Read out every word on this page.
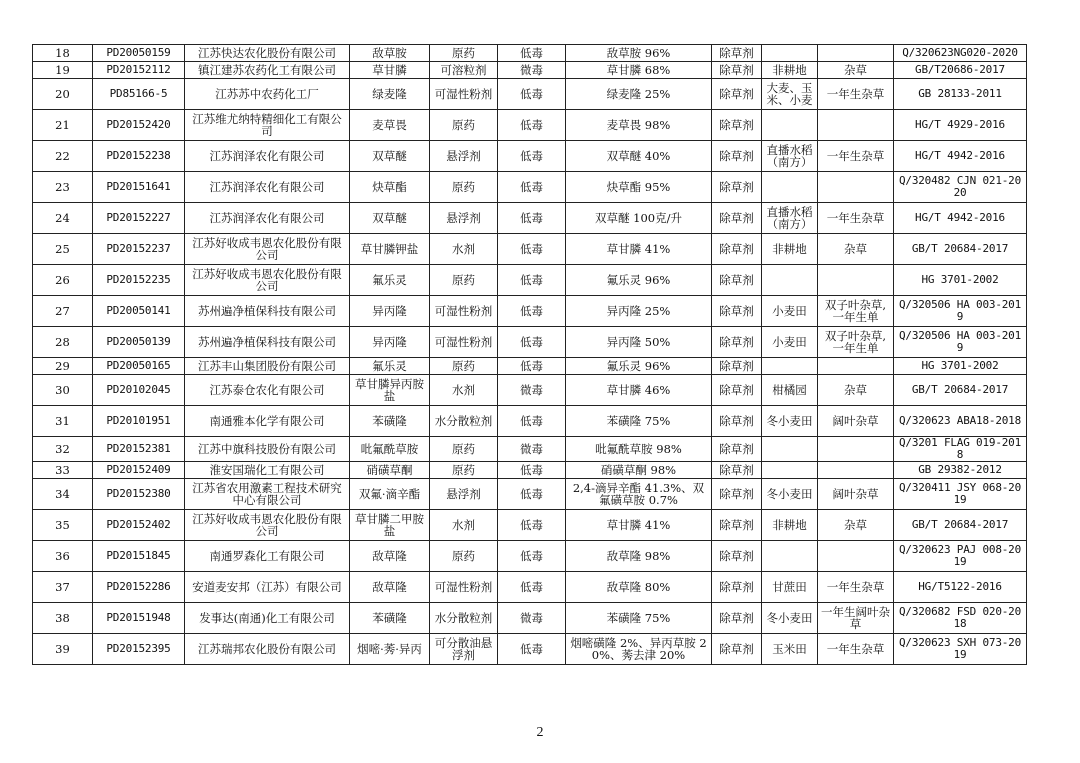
18	PD20050159	江苏快达农化股份有限公司	敌草胺	原药	低毒	敌草胺 96%	除草剂			Q/320623NG020-2020
19	PD20152112	镇江建苏农药化工有限公司	草甘膦	可溶粒剂	微毒	草甘膦 68%	除草剂	非耕地	杂草	GB/T20686-2017
20	PD85166-5	江苏苏中农药化工厂	绿麦隆	可湿性粉剂	低毒	绿麦隆 25%	除草剂	大麦、玉米、小麦	一年生杂草	GB 28133-2011
21	PD20152420	江苏维尤纳特精细化工有限公司	麦草畏	原药	低毒	麦草畏 98%	除草剂			HG/T 4929-2016
22	PD20152238	江苏润泽农化有限公司	双草醚	悬浮剂	低毒	双草醚 40%	除草剂	直播水稻（南方）	一年生杂草	HG/T 4942-2016
23	PD20151641	江苏润泽农化有限公司	炔草酯	原药	低毒	炔草酯 95%	除草剂			Q/320482 CJN 021-2020
24	PD20152227	江苏润泽农化有限公司	双草醚	悬浮剂	低毒	双草醚 100克/升	除草剂	直播水稻（南方）	一年生杂草	HG/T 4942-2016
25	PD20152237	江苏好收成韦恩农化股份有限公司	草甘膦钾盐	水剂	低毒	草甘膦 41%	除草剂	非耕地	杂草	GB/T 20684-2017
26	PD20152235	江苏好收成韦恩农化股份有限公司	氟乐灵	原药	低毒	氟乐灵 96%	除草剂			HG 3701-2002
27	PD20050141	苏州遍净植保科技有限公司	异丙隆	可湿性粉剂	低毒	异丙隆 25%	除草剂	小麦田	双子叶杂草,一年生单	Q/320506 HA 003-2019
28	PD20050139	苏州遍净植保科技有限公司	异丙隆	可湿性粉剂	低毒	异丙隆 50%	除草剂	小麦田	双子叶杂草,一年生单	Q/320506 HA 003-2019
29	PD20050165	江苏丰山集团股份有限公司	氟乐灵	原药	低毒	氟乐灵 96%	除草剂			HG 3701-2002
30	PD20102045	江苏泰仓农化有限公司	草甘膦异丙胺盐	水剂	微毒	草甘膦 46%	除草剂	柑橘园	杂草	GB/T 20684-2017
31	PD20101951	南通雅本化学有限公司	苯磺隆	水分散粒剂	低毒	苯磺隆 75%	除草剂	冬小麦田	阔叶杂草	Q/320623 ABA18-2018
32	PD20152381	江苏中旗科技股份有限公司	吡氟酰草胺	原药	微毒	吡氟酰草胺 98%	除草剂			Q/3201 FLAG 019-2018
33	PD20152409	淮安国瑞化工有限公司	硝磺草酮	原药	低毒	硝磺草酮 98%	除草剂			GB 29382-2012
34	PD20152380	江苏省农用激素工程技术研究中心有限公司	双氟·滴辛酯	悬浮剂	低毒	2,4-滴异辛酯 41.3%、双氟磺草胺 0.7%	除草剂	冬小麦田	阔叶杂草	Q/320411 JSY 068-2019
35	PD20152402	江苏好收成韦恩农化股份有限公司	草甘膦二甲胺盐	水剂	低毒	草甘膦 41%	除草剂	非耕地	杂草	GB/T 20684-2017
36	PD20151845	南通罗森化工有限公司	敌草隆	原药	低毒	敌草隆 98%	除草剂			Q/320623 PAJ 008-2019
37	PD20152286	安道麦安邦（江苏）有限公司	敌草隆	可湿性粉剂	低毒	敌草隆 80%	除草剂	甘蔗田	一年生杂草	HG/T5122-2016
38	PD20151948	发事达(南通)化工有限公司	苯磺隆	水分散粒剂	微毒	苯磺隆 75%	除草剂	冬小麦田	一年生阔叶杂草	Q/320682 FSD 020-2018
39	PD20152395	江苏瑞邦农化股份有限公司	烟嘧·莠·异丙	可分散油悬浮剂	低毒	烟嘧磺隆 2%、异丙草胺 20%、莠去津 20%	除草剂	玉米田	一年生杂草	Q/320623 SXH 073-2019
2
